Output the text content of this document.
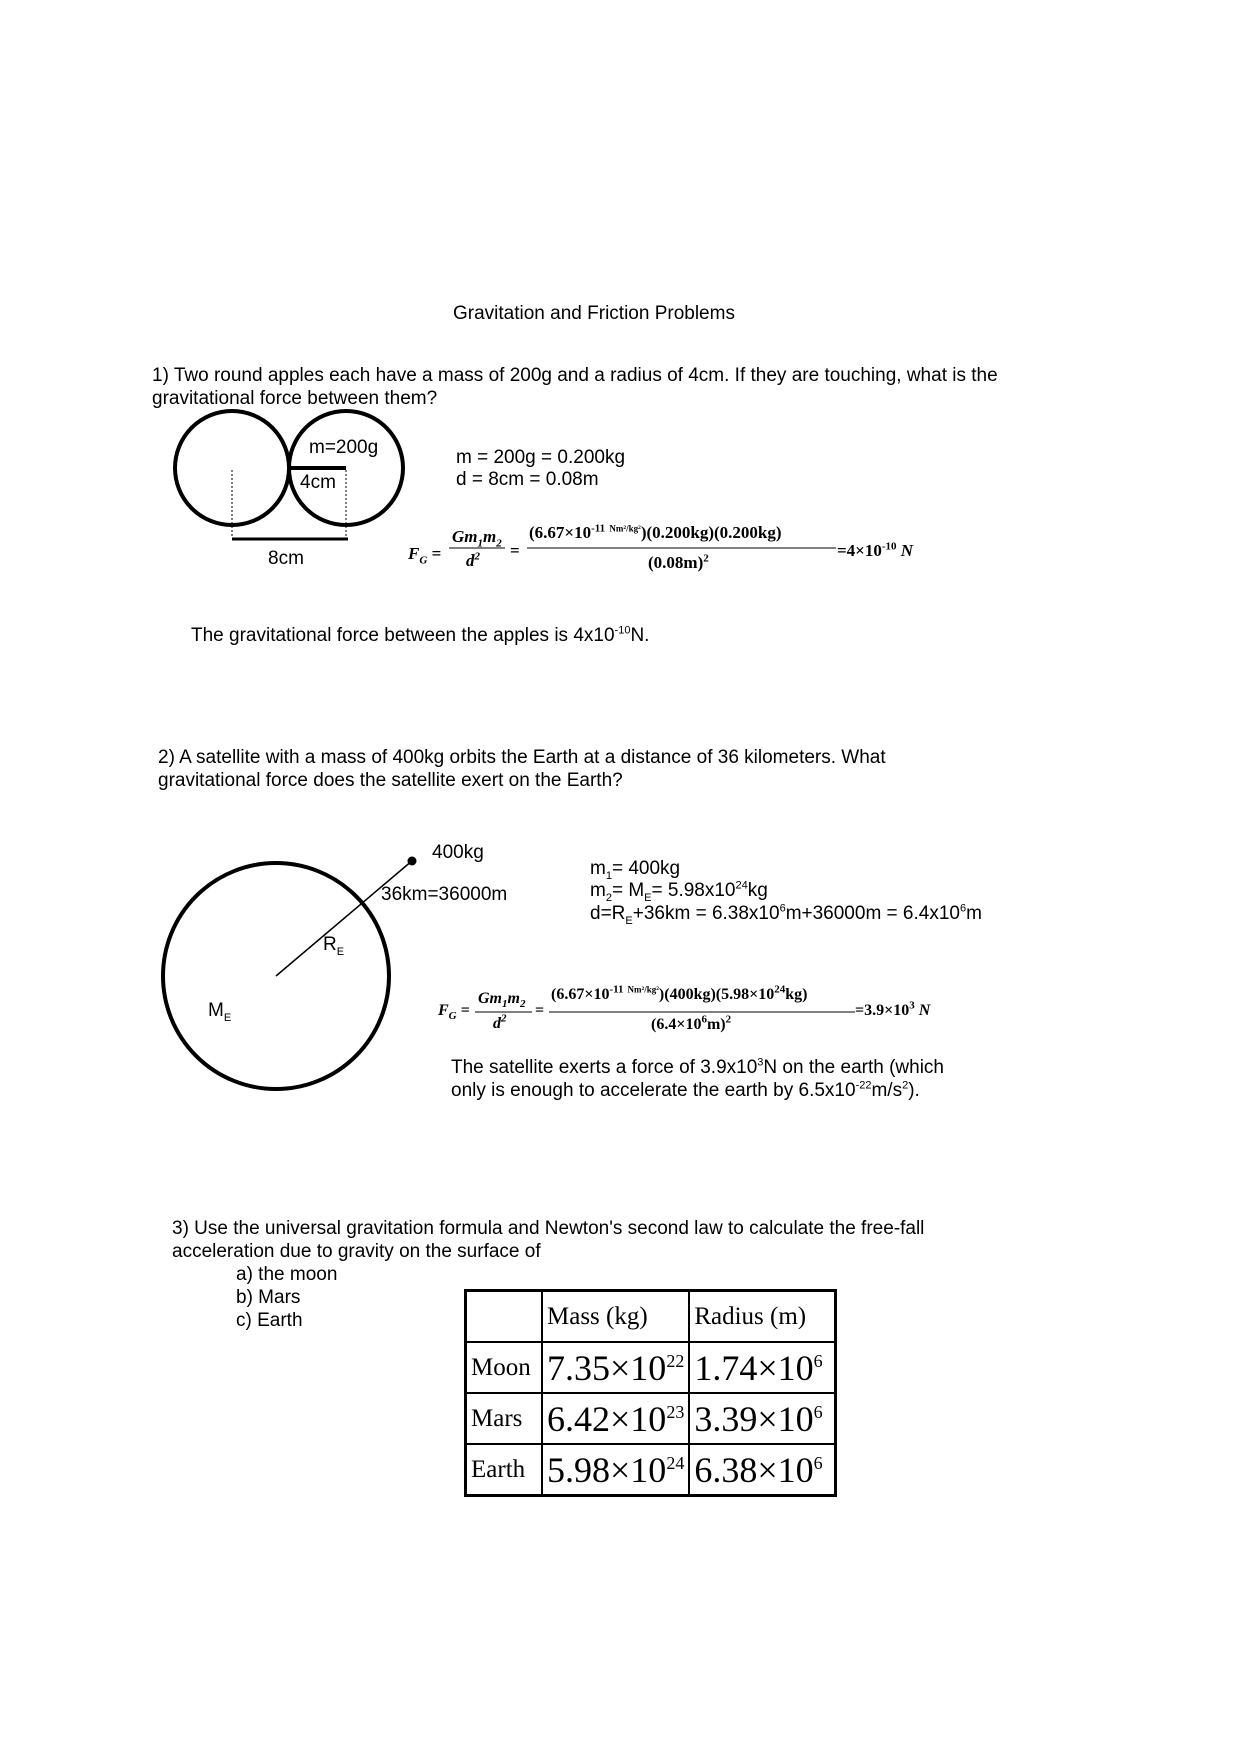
Gravitation and Friction Problems
1) Two round apples each have a mass of 200g and a radius of 4cm. If they are touching, what is the
gravitational force between them?
m=200g
4cm
8cm
m = 200g = 0.200kg
d = 8cm = 0.08m
$F_G$ =
$Gm_1m_2$
$d^2$ =
($6.67\times 10^{-11}$ $^{Nm^2/kg^2}$)(0.200kg)(0.200kg)
$(0.08m)^2$	$=4\times 10^{-10}$ N
The gravitational force between the apples is $4x10^{-10}N$.
2) A satellite with a mass of 400kg orbits the Earth at a distance of 36 kilometers. What
gravitational force does the satellite exert on the Earth?
400kg
36km=36000m
$R_E$
$M_E$
$m_1= 400kg$
$m_2= M_E= 5.98x10^{24}kg$
$d=R_E+36km = 6.38x10^6m+36000m = 6.4x10^6m$
$F_G$ =
$Gm_1m_2$
$d^2$ =
($6.67\times 10^{-11}$ $^{Nm^2/kg^2})(400kg)(5.98\times 10^{24}kg)$
$(6.4\times 10^6m)^2$
$=3.9\times 10^3$ N
The satellite exerts a force of $3.9x10^3N$ on the earth (which
only is enough to accelerate the earth by $6.5x10^{-22}m/s^2$).
3) Use the universal gravitation formula and Newton's second law to calculate the free-fall
acceleration due to gravity on the surface of
a) the moon
b) Mars
c) Earth
		Mass (kg)	Radius (m)
Moon	$7.35\times 10^{22}$	$1.74\times 10^6$
Mars	$6.42\times 10^{23}$	$3.39\times 10^6$
Earth	$5.98\times 10^{24}$	$6.38\times 10^6$
